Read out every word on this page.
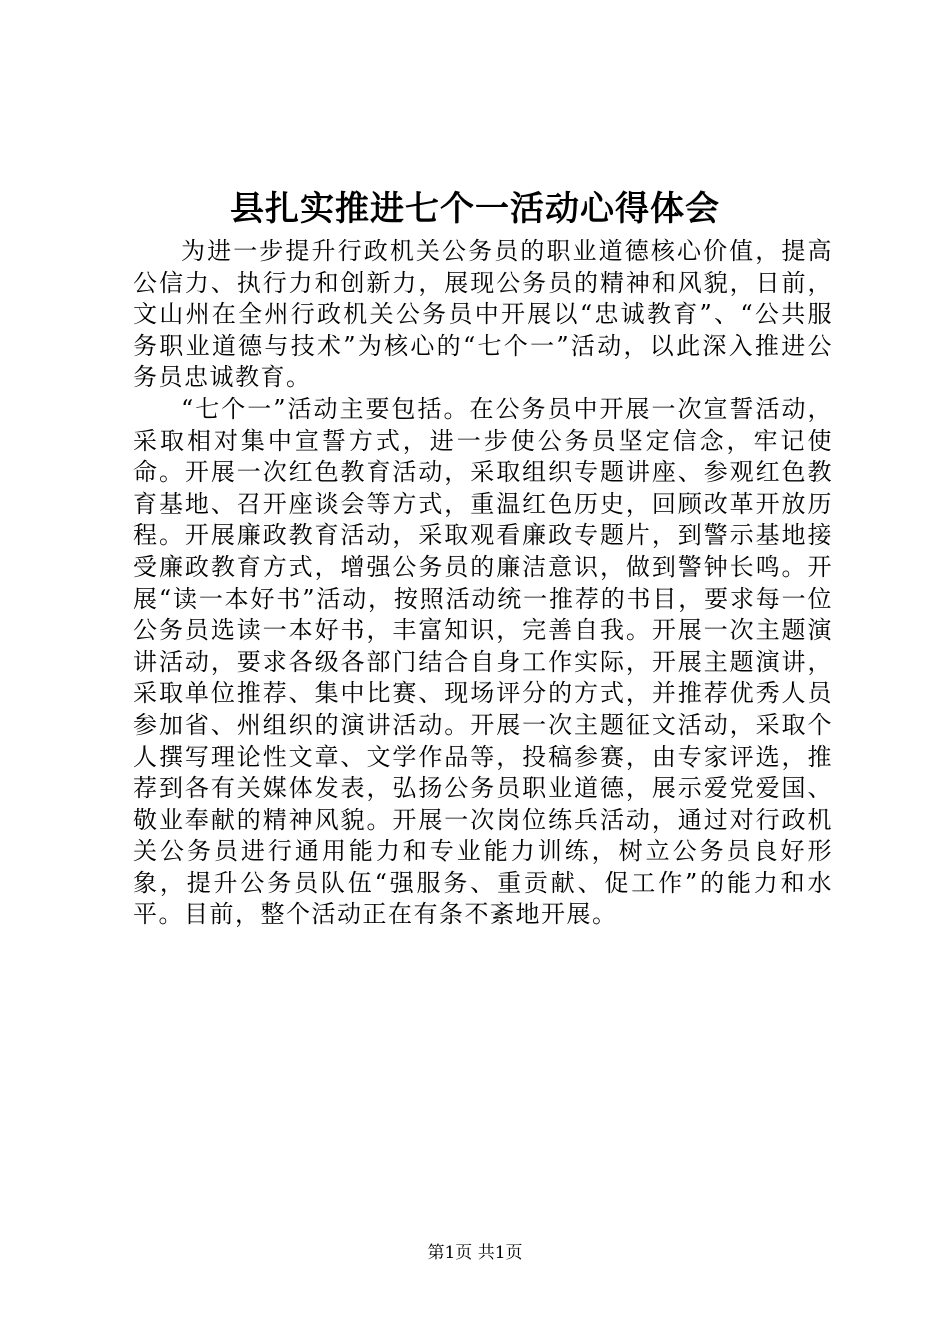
县扎实推进七个一活动心得体会

为进一步提升行政机关公务员的职业道德核心价值，提高公信力、执行力和创新力，展现公务员的精神和风貌，日前，文山州在全州行政机关公务员中开展以“忠诚教育”、“公共服务职业道德与技术”为核心的“七个一”活动，以此深入推进公务员忠诚教育。

“七个一”活动主要包括。在公务员中开展一次宣誓活动，采取相对集中宣誓方式，进一步使公务员坚定信念，牢记使命。开展一次红色教育活动，采取组织专题讲座、参观红色教育基地、召开座谈会等方式，重温红色历史，回顾改革开放历程。开展廉政教育活动，采取观看廉政专题片，到警示基地接受廉政教育方式，增强公务员的廉洁意识，做到警钟长鸣。开展“读一本好书”活动，按照活动统一推荐的书目，要求每一位公务员选读一本好书，丰富知识，完善自我。开展一次主题演讲活动，要求各级各部门结合自身工作实际，开展主题演讲，采取单位推荐、集中比赛、现场评分的方式，并推荐优秀人员参加省、州组织的演讲活动。开展一次主题征文活动，采取个人撰写理论性文章、文学作品等，投稿参赛，由专家评选，推荐到各有关媒体发表，弘扬公务员职业道德，展示爱党爱国、敬业奉献的精神风貌。开展一次岗位练兵活动，通过对行政机关公务员进行通用能力和专业能力训练，树立公务员良好形象，提升公务员队伍“强服务、重贡献、促工作”的能力和水平。目前，整个活动正在有条不紊地开展。

第1页 共1页
